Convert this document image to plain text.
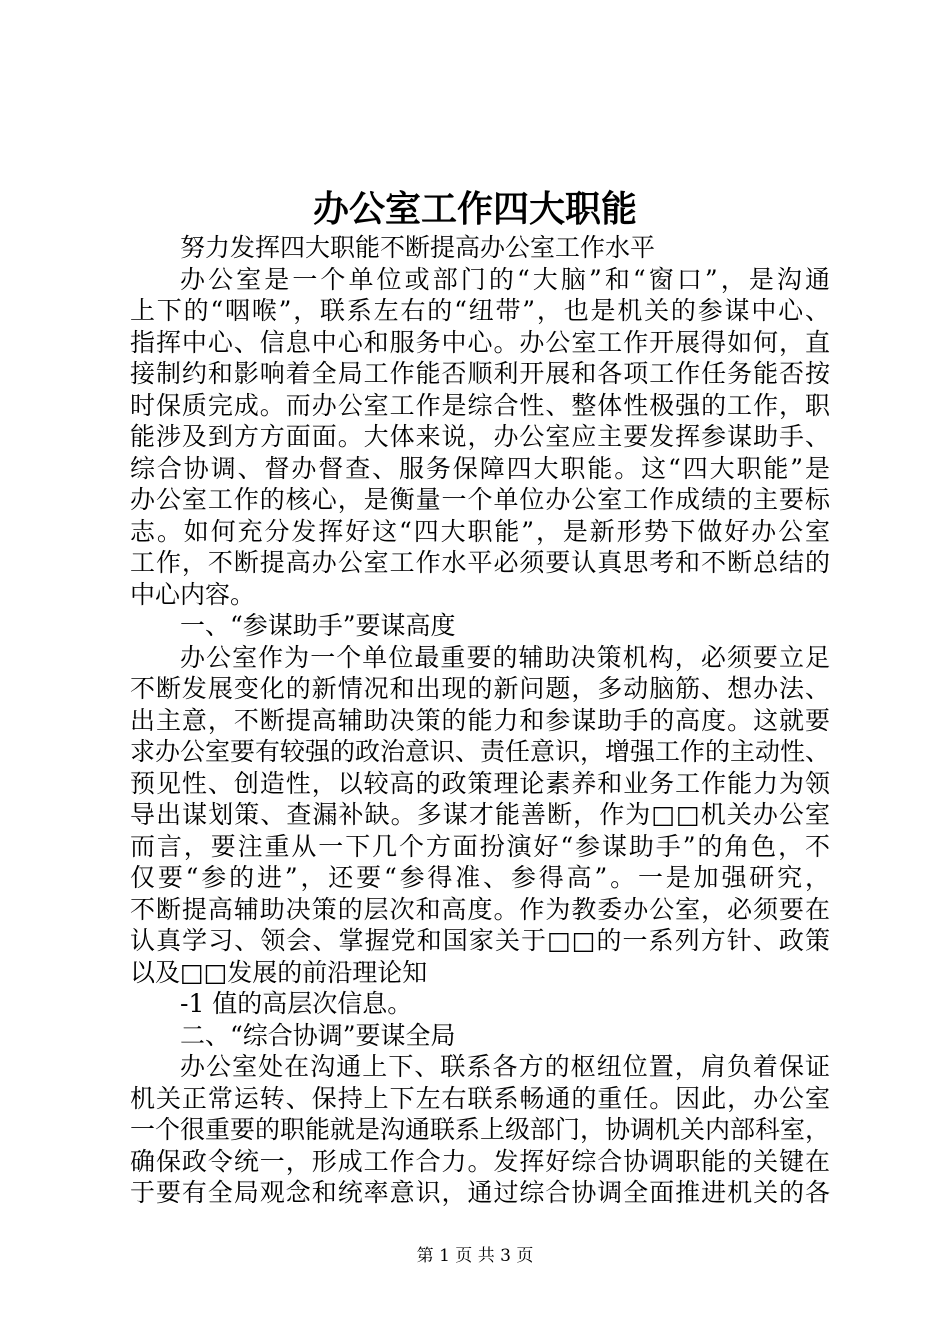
办公室工作四大职能
努力发挥四大职能不断提高办公室工作水平
办公室是一个单位或部门的“大脑”和“窗口”，是沟通
上下的“咽喉”，联系左右的“纽带”，也是机关的参谋中心、
指挥中心、信息中心和服务中心。办公室工作开展得如何，直
接制约和影响着全局工作能否顺利开展和各项工作任务能否按
时保质完成。而办公室工作是综合性、整体性极强的工作，职
能涉及到方方面面。大体来说，办公室应主要发挥参谋助手、
综合协调、督办督查、服务保障四大职能。这“四大职能”是
办公室工作的核心，是衡量一个单位办公室工作成绩的主要标
志。如何充分发挥好这“四大职能”，是新形势下做好办公室
工作，不断提高办公室工作水平必须要认真思考和不断总结的
中心内容。
一、“参谋助手”要谋高度
办公室作为一个单位最重要的辅助决策机构，必须要立足
不断发展变化的新情况和出现的新问题，多动脑筋、想办法、
出主意，不断提高辅助决策的能力和参谋助手的高度。这就要
求办公室要有较强的政治意识、责任意识，增强工作的主动性、
预见性、创造性，以较高的政策理论素养和业务工作能力为领
导出谋划策、查漏补缺。多谋才能善断，作为□□机关办公室
而言，要注重从一下几个方面扮演好“参谋助手”的角色，不
仅要“参的进”，还要“参得准、参得高”。一是加强研究，
不断提高辅助决策的层次和高度。作为教委办公室，必须要在
认真学习、领会、掌握党和国家关于□□的一系列方针、政策
以及□□发展的前沿理论知
-1 值的高层次信息。
二、“综合协调”要谋全局
办公室处在沟通上下、联系各方的枢纽位置，肩负着保证
机关正常运转、保持上下左右联系畅通的重任。因此，办公室
一个很重要的职能就是沟通联系上级部门，协调机关内部科室，
确保政令统一，形成工作合力。发挥好综合协调职能的关键在
于要有全局观念和统率意识，通过综合协调全面推进机关的各
第 1 页 共 3 页
